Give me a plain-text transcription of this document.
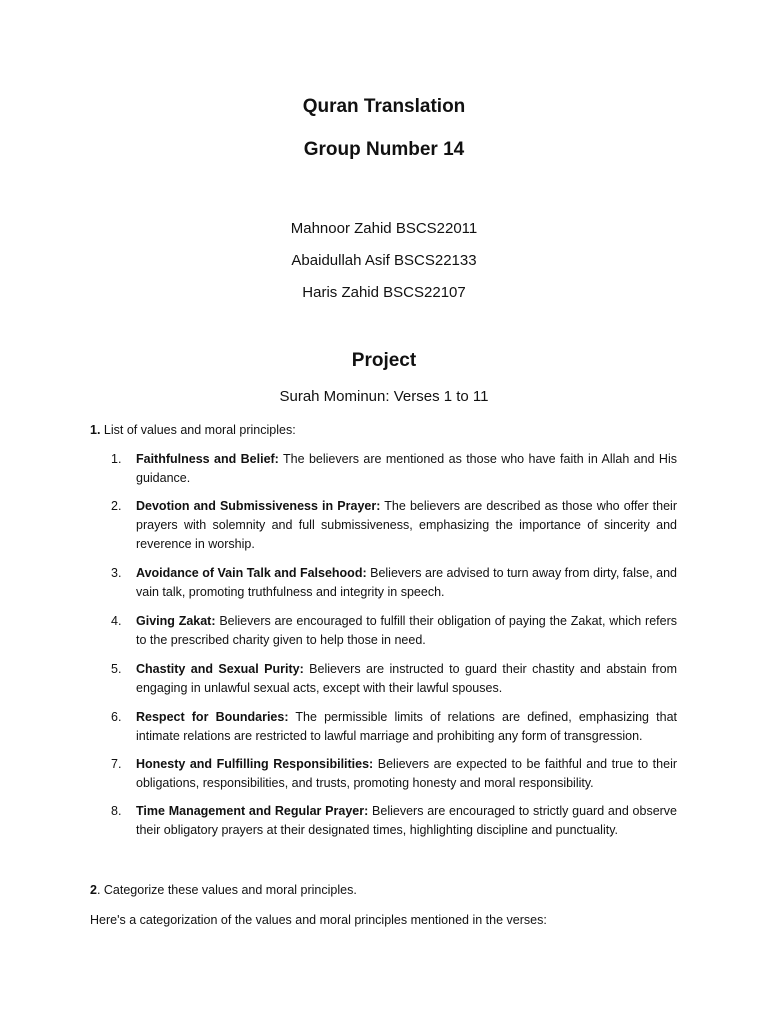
Quran Translation
Group Number 14
Mahnoor Zahid BSCS22011
Abaidullah Asif BSCS22133
Haris Zahid BSCS22107
Project
Surah Mominun: Verses 1 to 11
1. List of values and moral principles:
1.	Faithfulness and Belief: The believers are mentioned as those who have faith in Allah and His guidance.
2.	Devotion and Submissiveness in Prayer: The believers are described as those who offer their prayers with solemnity and full submissiveness, emphasizing the importance of sincerity and reverence in worship.
3.	Avoidance of Vain Talk and Falsehood: Believers are advised to turn away from dirty, false, and vain talk, promoting truthfulness and integrity in speech.
4.	Giving Zakat: Believers are encouraged to fulfill their obligation of paying the Zakat, which refers to the prescribed charity given to help those in need.
5.	Chastity and Sexual Purity: Believers are instructed to guard their chastity and abstain from engaging in unlawful sexual acts, except with their lawful spouses.
6.	Respect for Boundaries: The permissible limits of relations are defined, emphasizing that intimate relations are restricted to lawful marriage and prohibiting any form of transgression.
7.	Honesty and Fulfilling Responsibilities: Believers are expected to be faithful and true to their obligations, responsibilities, and trusts, promoting honesty and moral responsibility.
8.	Time Management and Regular Prayer: Believers are encouraged to strictly guard and observe their obligatory prayers at their designated times, highlighting discipline and punctuality.
2. Categorize these values and moral principles.
Here's a categorization of the values and moral principles mentioned in the verses:
